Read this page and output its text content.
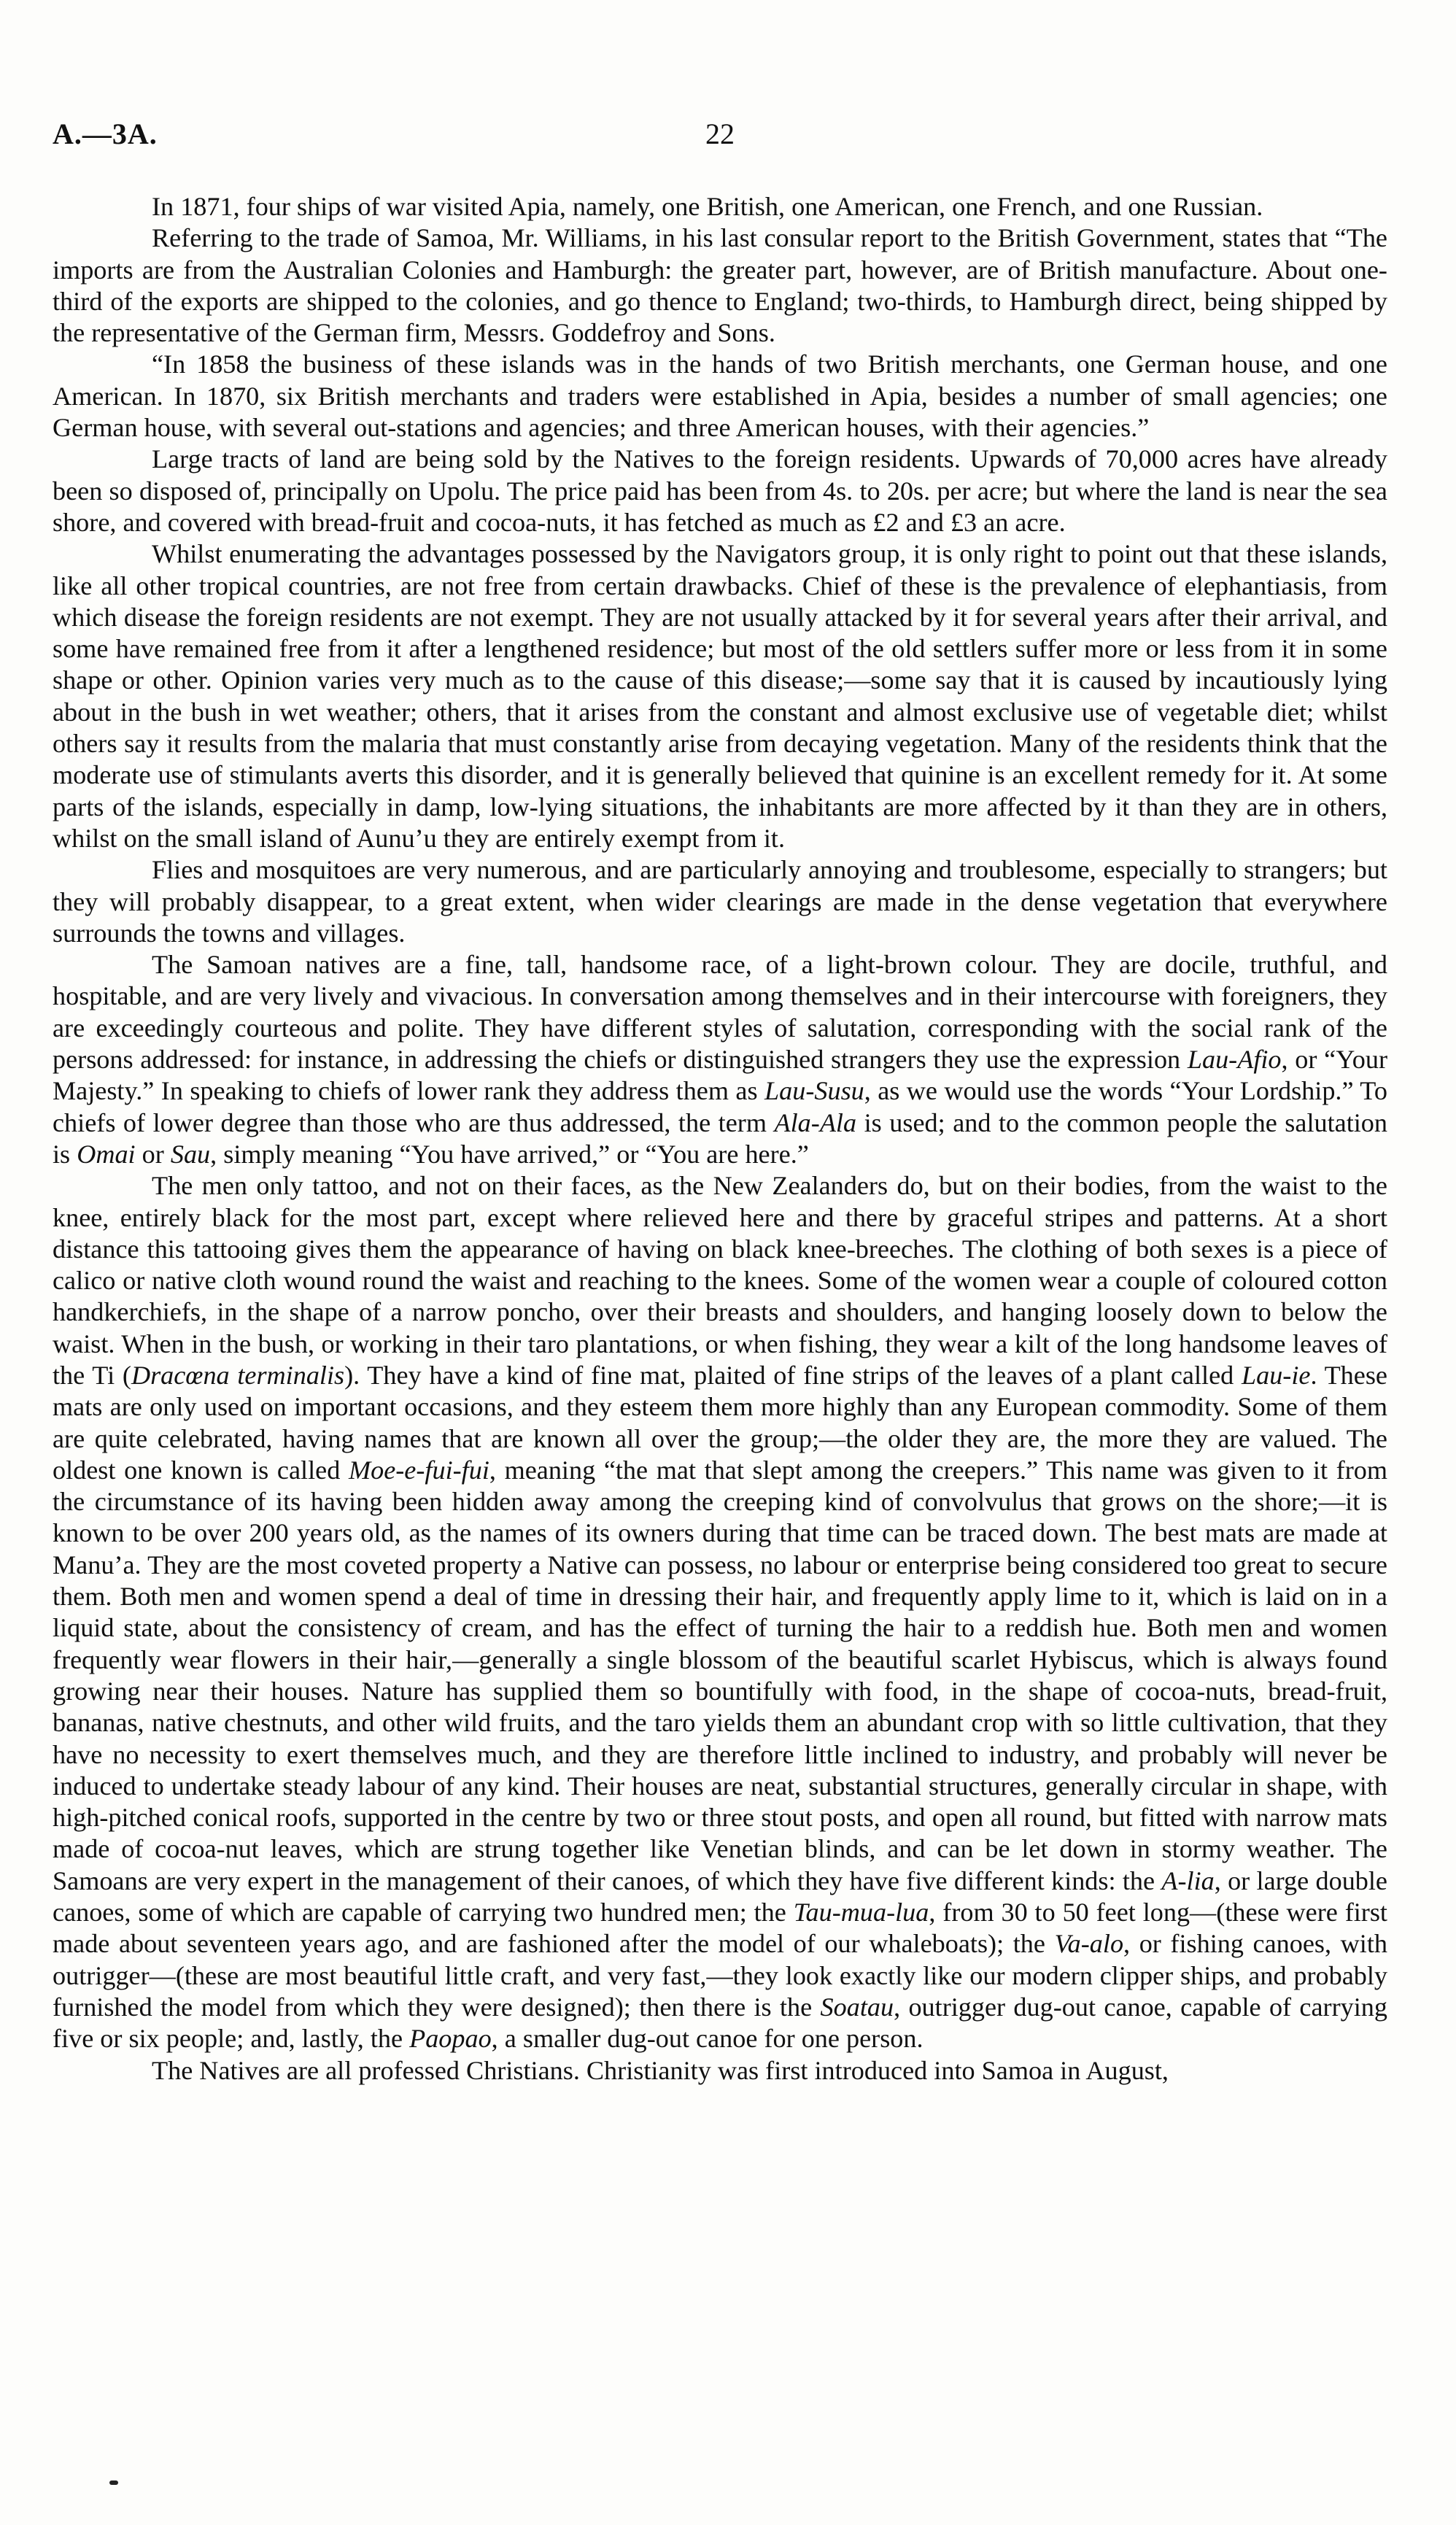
A.—3A.	22

In 1871, four ships of war visited Apia, namely, one British, one American, one French, and one Russian.

Referring to the trade of Samoa, Mr. Williams, in his last consular report to the British Government, states that “The imports are from the Australian Colonies and Hamburgh: the greater part, however, are of British manufacture. About one-third of the exports are shipped to the colonies, and go thence to England; two-thirds, to Hamburgh direct, being shipped by the representative of the German firm, Messrs. Goddefroy and Sons.

“In 1858 the business of these islands was in the hands of two British merchants, one German house, and one American. In 1870, six British merchants and traders were established in Apia, besides a number of small agencies; one German house, with several out-stations and agencies; and three American houses, with their agencies.”

Large tracts of land are being sold by the Natives to the foreign residents. Upwards of 70,000 acres have already been so disposed of, principally on Upolu. The price paid has been from 4s. to 20s. per acre; but where the land is near the sea shore, and covered with bread-fruit and cocoa-nuts, it has fetched as much as £2 and £3 an acre.

Whilst enumerating the advantages possessed by the Navigators group, it is only right to point out that these islands, like all other tropical countries, are not free from certain drawbacks. Chief of these is the prevalence of elephantiasis, from which disease the foreign residents are not exempt. They are not usually attacked by it for several years after their arrival, and some have remained free from it after a lengthened residence; but most of the old settlers suffer more or less from it in some shape or other. Opinion varies very much as to the cause of this disease;—some say that it is caused by incautiously lying about in the bush in wet weather; others, that it arises from the constant and almost exclusive use of vegetable diet; whilst others say it results from the malaria that must constantly arise from decaying vegetation. Many of the residents think that the moderate use of stimulants averts this disorder, and it is generally believed that quinine is an excellent remedy for it. At some parts of the islands, especially in damp, low-lying situations, the inhabitants are more affected by it than they are in others, whilst on the small island of Aunu’u they are entirely exempt from it.

Flies and mosquitoes are very numerous, and are particularly annoying and troublesome, especially to strangers; but they will probably disappear, to a great extent, when wider clearings are made in the dense vegetation that everywhere surrounds the towns and villages.

The Samoan natives are a fine, tall, handsome race, of a light-brown colour. They are docile, truthful, and hospitable, and are very lively and vivacious. In conversation among themselves and in their intercourse with foreigners, they are exceedingly courteous and polite. They have different styles of salutation, corresponding with the social rank of the persons addressed: for instance, in addressing the chiefs or distinguished strangers they use the expression Lau-Afio, or “Your Majesty.” In speaking to chiefs of lower rank they address them as Lau-Susu, as we would use the words “Your Lordship.” To chiefs of lower degree than those who are thus addressed, the term Ala-Ala is used; and to the common people the salutation is Omai or Sau, simply meaning “You have arrived,” or “You are here.”

The men only tattoo, and not on their faces, as the New Zealanders do, but on their bodies, from the waist to the knee, entirely black for the most part, except where relieved here and there by graceful stripes and patterns. At a short distance this tattooing gives them the appearance of having on black knee-breeches. The clothing of both sexes is a piece of calico or native cloth wound round the waist and reaching to the knees. Some of the women wear a couple of coloured cotton handkerchiefs, in the shape of a narrow poncho, over their breasts and shoulders, and hanging loosely down to below the waist. When in the bush, or working in their taro plantations, or when fishing, they wear a kilt of the long handsome leaves of the Ti (Dracœna terminalis). They have a kind of fine mat, plaited of fine strips of the leaves of a plant called Lau-ie. These mats are only used on important occasions, and they esteem them more highly than any European commodity. Some of them are quite celebrated, having names that are known all over the group;—the older they are, the more they are valued. The oldest one known is called Moe-e-fui-fui, meaning “the mat that slept among the creepers.” This name was given to it from the circumstance of its having been hidden away among the creeping kind of convolvulus that grows on the shore;—it is known to be over 200 years old, as the names of its owners during that time can be traced down. The best mats are made at Manu’a. They are the most coveted property a Native can possess, no labour or enterprise being considered too great to secure them. Both men and women spend a deal of time in dressing their hair, and frequently apply lime to it, which is laid on in a liquid state, about the consistency of cream, and has the effect of turning the hair to a reddish hue. Both men and women frequently wear flowers in their hair,—generally a single blossom of the beautiful scarlet Hybiscus, which is always found growing near their houses. Nature has supplied them so bountifully with food, in the shape of cocoa-nuts, bread-fruit, bananas, native chestnuts, and other wild fruits, and the taro yields them an abundant crop with so little cultivation, that they have no necessity to exert themselves much, and they are therefore little inclined to industry, and probably will never be induced to undertake steady labour of any kind. Their houses are neat, substantial structures, generally circular in shape, with high-pitched conical roofs, supported in the centre by two or three stout posts, and open all round, but fitted with narrow mats made of cocoa-nut leaves, which are strung together like Venetian blinds, and can be let down in stormy weather. The Samoans are very expert in the management of their canoes, of which they have five different kinds: the A-lia, or large double canoes, some of which are capable of carrying two hundred men; the Tau-mua-lua, from 30 to 50 feet long—(these were first made about seventeen years ago, and are fashioned after the model of our whaleboats); the Va-alo, or fishing canoes, with outrigger—(these are most beautiful little craft, and very fast,—they look exactly like our modern clipper ships, and probably furnished the model from which they were designed); then there is the Soatau, outrigger dug-out canoe, capable of carrying five or six people; and, lastly, the Paopao, a smaller dug-out canoe for one person.

The Natives are all professed Christians. Christianity was first introduced into Samoa in August,
